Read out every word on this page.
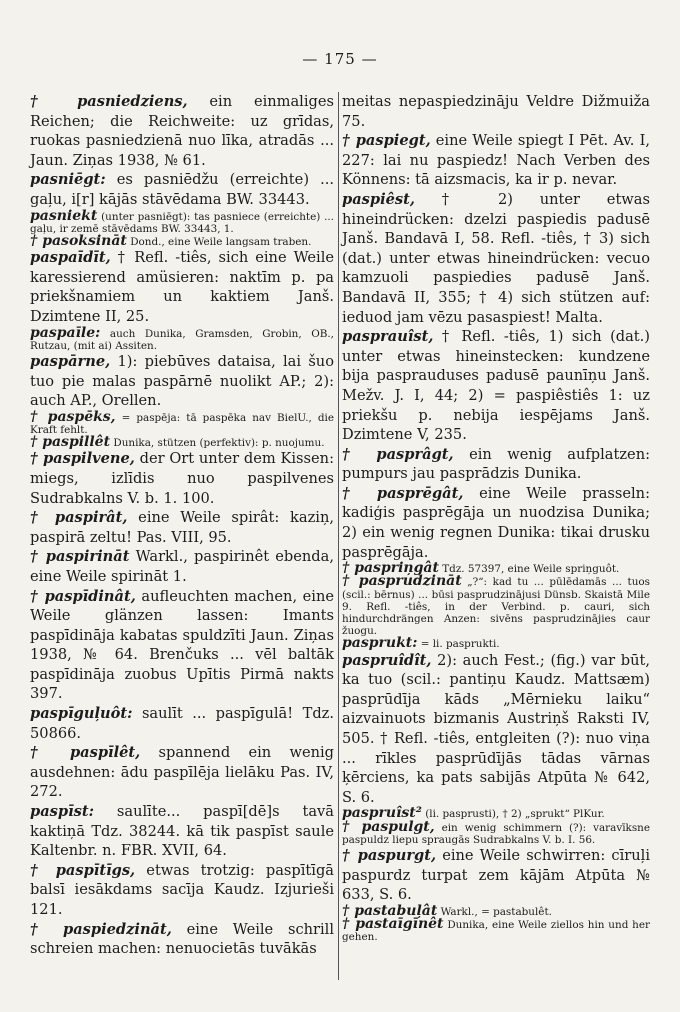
— 175 —
† pasniedziens, ein einmaliges Reichen; die Reichweite: uz grīdas, ruokas pasniedzienā nuo līka, atradās ... Jaun. Ziņas 1938, № 61.
pasniēgt: es pasniēdžu (erreichte) ... gaļu, i[r] kājās stāvēdama BW. 33443.
pasniekt (unter pasniēgt): tas pasniece (erreichte) ... gaļu, ir zemē stāvēdams BW. 33443, 1.
† pasoksināt Dond., eine Weile langsam traben.
paspaīdīt, † Refl. -tiês, sich eine Weile karessierend amüsieren: naktīm p. pa priekšnamiem un kaktiem Janš. Dzimtene II, 25.
paspaīle: auch Dunika, Gramsden, Grobin, OB., Rutzau, (mit ai) Assiten.
paspārne, 1): piebūves dataisa, lai šuo tuo pie malas paspārnē nuolikt AP.; 2): auch AP., Orellen.
† paspēks, = paspēja: tā paspēka nav BielU., die Kraft fehlt.
† paspillêt Dunika, stützen (perfektiv): p. nuojumu.
† paspilvene, der Ort unter dem Kissen: miegs, izlīdis nuo paspilvenes Sudrabkalns V. b. 1. 100.
† paspirât, eine Weile spirât: kaziņ, paspirā zeltu! Pas. VIII, 95.
† paspirināt Warkl., paspirinêt ebenda, eine Weile spirināt 1.
† paspīdinât, aufleuchten machen, eine Weile glänzen lassen: Imants paspīdināja kabatas spuldzīti Jaun. Ziņas 1938, № 64. Brenčuks ... vēl baltāk paspīdināja zuobus Upītis Pirmā nakts 397.
paspīguļuôt: saulīt ... paspīgulā! Tdz. 50866.
† paspīlêt, spannend ein wenig ausdehnen: ādu paspīlēja lielāku Pas. IV, 272.
paspīst: saulīte... paspī[dē]s tavā kaktiņā Tdz. 38244. kā tik paspīst saule Kaltenbr. n. FBR. XVII, 64.
† paspītīgs, etwas trotzig: paspītīgā balsī iesākdams sacīja Kaudz. Izjurieši 121.
† paspiedzināt, eine Weile schrill schreien machen: nenuocietās tuvākās
meitas nepaspiedzināju Veldre Dižmuiža 75.
† paspiegt, eine Weile spiegt I Pēt. Av. I, 227: lai nu paspiedz! Nach Verben des Könnens: tā aizsmacis, ka ir p. nevar.
paspiêst, † 2) unter etwas hineindrücken: dzelzi paspiedis padusē Janš. Bandavā I, 58. Refl. -tiês, † 3) sich (dat.) unter etwas hineindrücken: vecuo kamzuoli paspiedies padusē Janš. Bandavā II, 355; † 4) sich stützen auf: ieduod jam vēzu pasaspiest! Malta.
pasprauîst, † Refl. -tiês, 1) sich (dat.) unter etwas hineinstecken: kundzene bija pasprauduses padusē paunīņu Janš. Mežv. J. I, 44; 2) = paspiêstiês 1: uz priekšu p. nebija iespējams Janš. Dzimtene V, 235.
† pasprâgt, ein wenig aufplatzen: pumpurs jau pasprādzis Dunika.
† pasprēgât, eine Weile prasseln: kadiģis pasprēgāja un nuodzisa Dunika; 2) ein wenig regnen Dunika: tikai drusku pasprēgāja.
† paspriņgât Tdz. 57397, eine Weile spriņguôt.
† pasprudzināt „?“: kad tu ... pūlēdamās ... tuos (scil.: bērnus) ... būsi pasprudzinājusi Dünsb. Skaistā Mile 9. Refl. -tiês, in der Verbind. p. cauri, sich hindurchdrängen Anzen: sivēns pasprudzinājies caur žuogu.
pasprukt: = li. pasprukti.
paspruîdît, 2): auch Fest.; (fig.) var būt, ka tuo (scil.: pantiņu Kaudz. Mattsæm) pasprūdīja kāds „Mērnieku laiku“ aizvainuots bizmanis Austriņš Raksti IV, 505. † Refl. -tiês, entgleiten (?): nuo viņa ... rīkles pasprūdījās tādas vārnas ķērciens, ka pats sabijās Atpūta № 642, S. 6.
paspruîst² (li. pasprusti), † 2) „sprukt“ PlKur.
† paspulgt, ein wenig schimmern (?): varavīksne paspuldz liepu spraugās Sudrabkalns V. b. I. 56.
† paspurgt, eine Weile schwirren: cīruļi paspurdz turpat zem kājām Atpūta № 633, S. 6.
† pastabuļât Warkl., = pastabulêt.
† pastaīgīnêt Dunika, eine Weile ziellos hin und her gehen.
